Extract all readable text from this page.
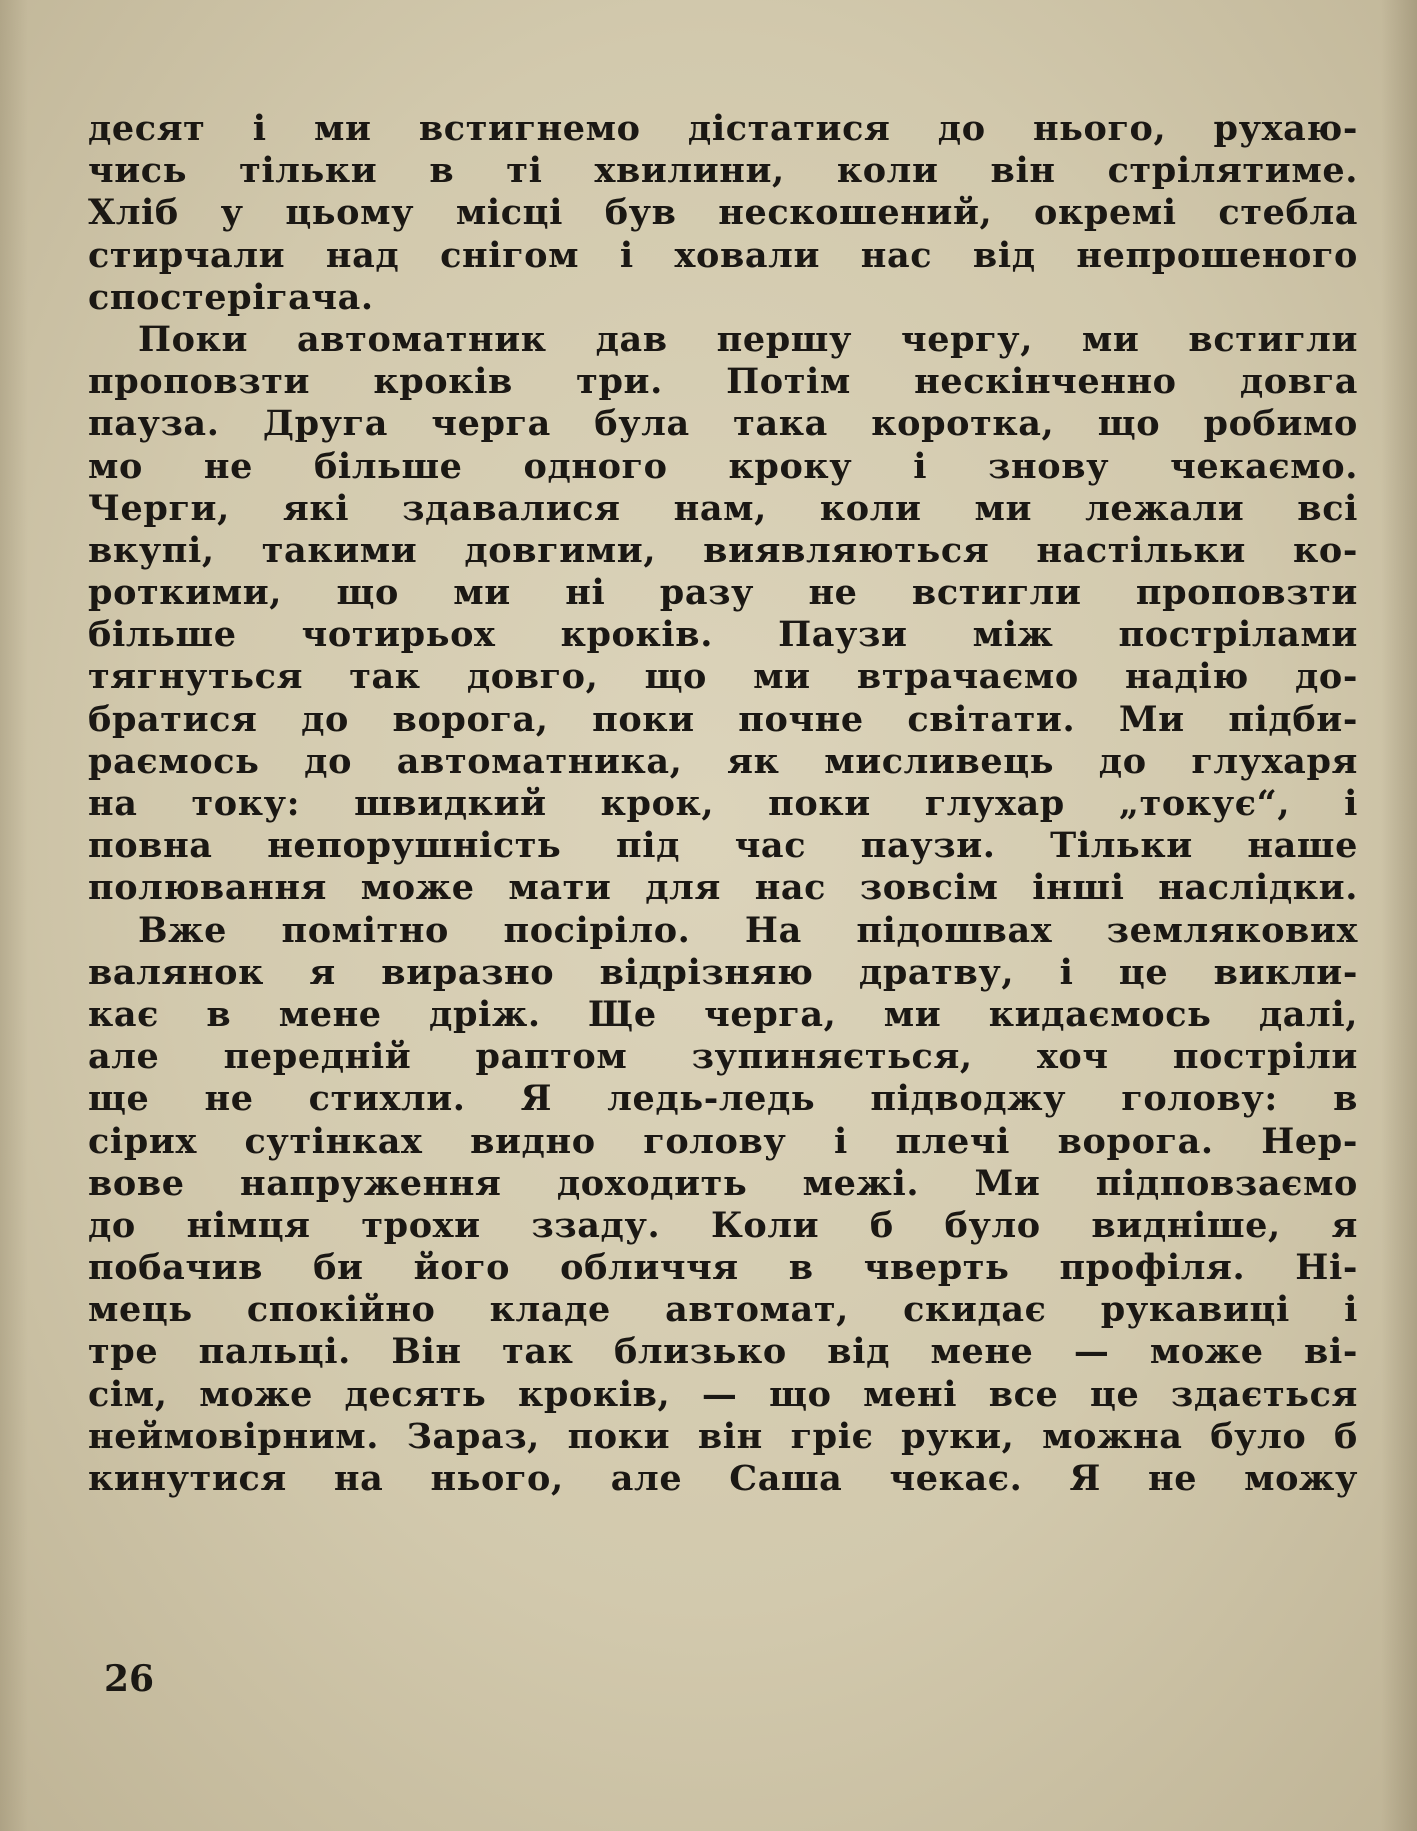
десят і ми встигнемо дістатися до нього, рухаю-
чись тільки в ті хвилини, коли він стрілятиме.
Хліб у цьому місці був нескошений, окремі стебла
стирчали над снігом і ховали нас від непрошеного
спостерігача.
Поки автоматник дав першу чергу, ми встигли
проповзти кроків три. Потім нескінченно довга
пауза. Друга черга була така коротка, що робимо
мо не більше одного кроку і знову чекаємо.
Черги, які здавалися нам, коли ми лежали всі
вкупі, такими довгими, виявляються настільки ко-
роткими, що ми ні разу не встигли проповзти
більше чотирьох кроків. Паузи між пострілами
тягнуться так довго, що ми втрачаємо надію до-
братися до ворога, поки почне світати. Ми підби-
раємось до автоматника, як мисливець до глухаря
на току: швидкий крок, поки глухар „токує“, і
повна непорушність під час паузи. Тільки наше
полювання може мати для нас зовсім інші наслідки.
Вже помітно посіріло. На підошвах землякових
валянок я виразно відрізняю дратву, і це викли-
кає в мене дріж. Ще черга, ми кидаємось далі,
але передній раптом зупиняється, хоч постріли
ще не стихли. Я ледь-ледь підводжу голову: в
сірих сутінках видно голову і плечі ворога. Нер-
вове напруження доходить межі. Ми підповзаємо
до німця трохи ззаду. Коли б було видніше, я
побачив би його обличчя в чверть профіля. Ні-
мець спокійно кладе автомат, скидає рукавиці і
тре пальці. Він так близько від мене — може ві-
сім, може десять кроків, — що мені все це здається
неймовірним. Зараз, поки він гріє руки, можна було б
кинутися на нього, але Саша чекає. Я не можу
26
